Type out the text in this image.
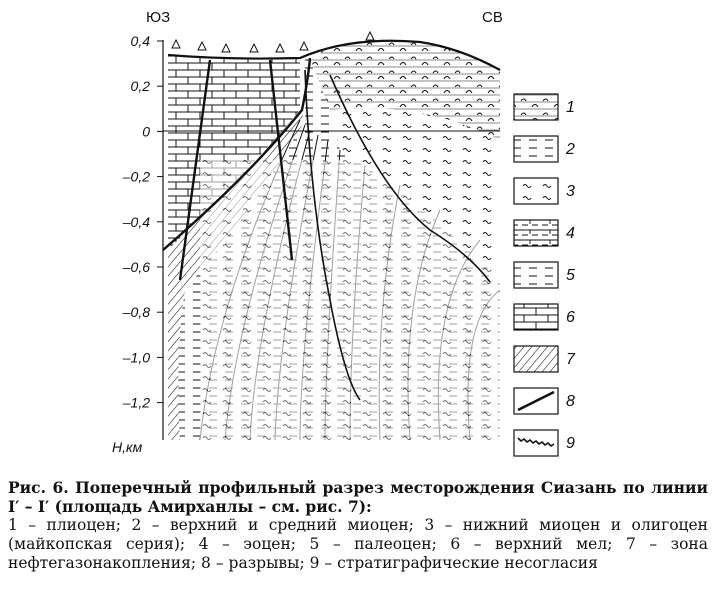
ЮЗ	СВ
0,4
0,2
0
–0,2
–0,4
–0,6
–0,8
–1,0
–1,2
Н,км
1
2
3
4
5
6
7
8
9
Рис. 6. Поперечный профильный разрез месторождения Сиазань по линии I′ – I′ (площадь Амирханлы – см. рис. 7):
1 – плиоцен; 2 – верхний и средний миоцен; 3 – нижний миоцен и олигоцен (майкопская серия); 4 – эоцен; 5 – палеоцен; 6 – верхний мел; 7 – зона нефтегазонакопления; 8 – разрывы; 9 – стратиграфические несогласия
